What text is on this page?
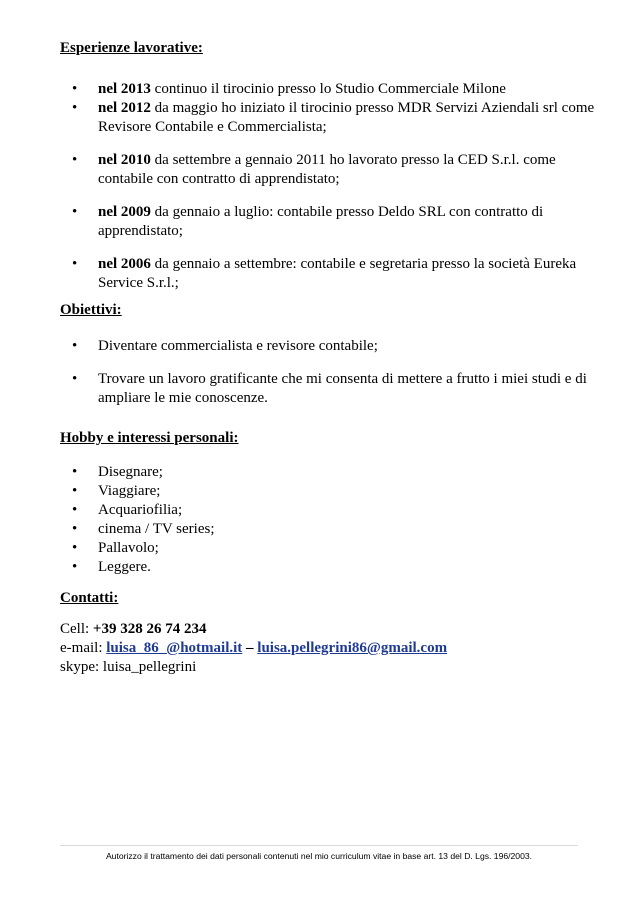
Esperienze lavorative:
• nel 2013 continuo il tirocinio presso lo Studio Commerciale Milone
• nel 2012 da maggio ho iniziato il tirocinio presso MDR Servizi Aziendali srl come Revisore Contabile e Commercialista;
• nel 2010 da settembre a gennaio 2011 ho lavorato presso la CED S.r.l. come contabile con contratto di apprendistato;
• nel 2009 da gennaio a luglio: contabile presso Deldo SRL con contratto di apprendistato;
• nel 2006 da gennaio a settembre: contabile e segretaria presso la società Eureka Service S.r.l.;
Obiettivi:
• Diventare commercialista e revisore contabile;
• Trovare un lavoro gratificante che mi consenta di mettere a frutto i miei studi e di ampliare le mie conoscenze.
Hobby e interessi personali:
• Disegnare;
• Viaggiare;
• Acquariofilia;
• cinema / TV series;
• Pallavolo;
• Leggere.
Contatti:
Cell: +39 328 26 74 234
e-mail: luisa_86_@hotmail.it – luisa.pellegrini86@gmail.com
skype: luisa_pellegrini
Autorizzo il trattamento dei dati personali contenuti nel mio curriculum vitae in base art. 13 del D. Lgs. 196/2003.
